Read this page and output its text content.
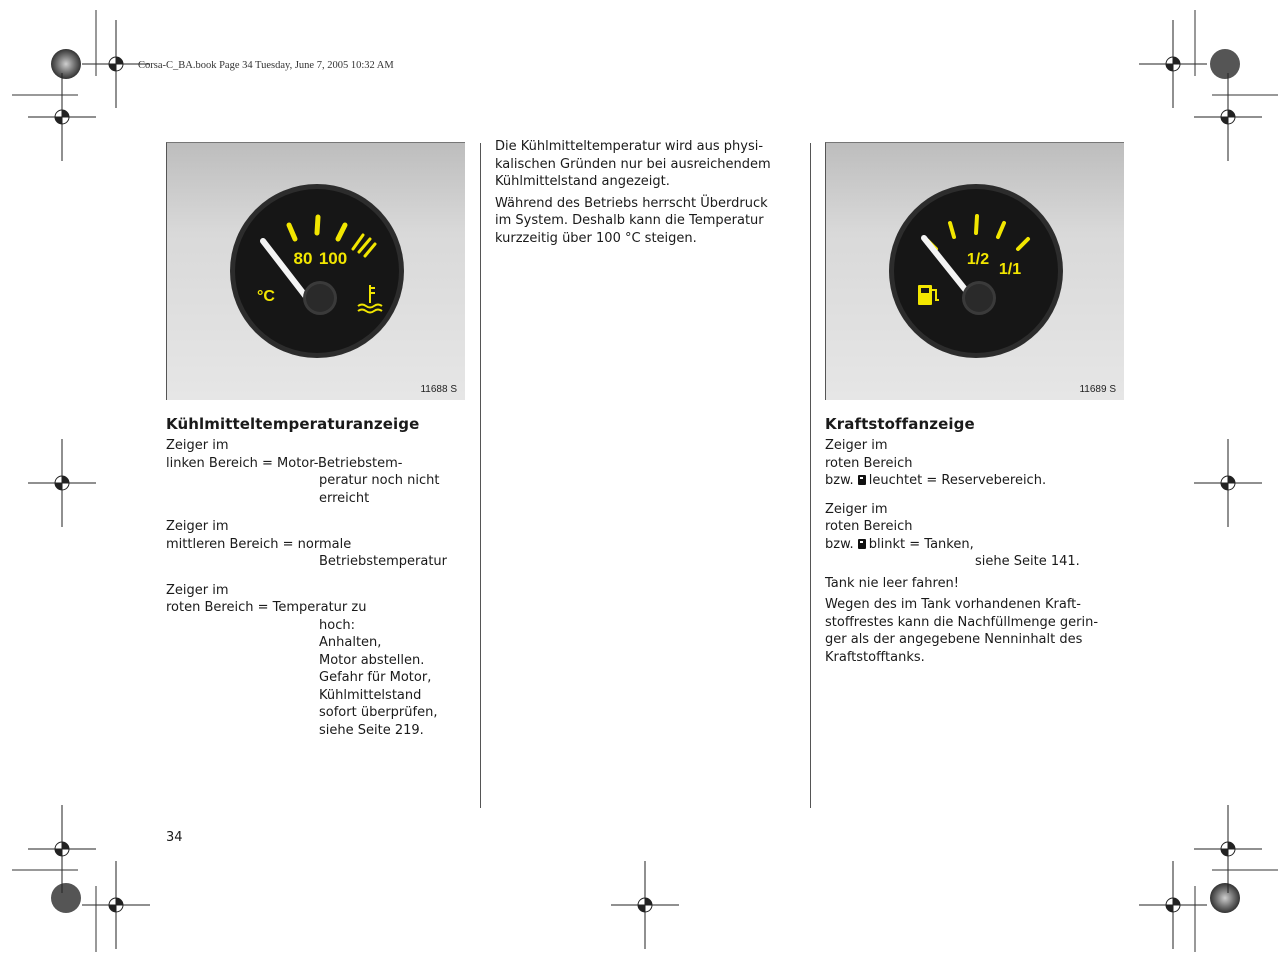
Corsa-C_BA.book Page 34 Tuesday, June 7, 2005 10:32 AM
80 100
°C
11688 S
1/2
1/1
11689 S
Kühlmitteltemperaturanzeige
Zeiger im
linken Bereich = Motor-Betriebstem-
peratur noch nicht
erreicht
Zeiger im
mittleren Bereich = normale
Betriebstemperatur
Zeiger im
roten Bereich = Temperatur zu
hoch:
Anhalten,
Motor abstellen.
Gefahr für Motor,
Kühlmittelstand
sofort überprüfen,
siehe Seite 219.
Die Kühlmitteltemperatur wird aus physi-
kalischen Gründen nur bei ausreichendem
Kühlmittelstand angezeigt.
Während des Betriebs herrscht Überdruck
im System. Deshalb kann die Temperatur
kurzzeitig über 100 °C steigen.
Kraftstoffanzeige
Zeiger im
roten Bereich
bzw. leuchtet = Reservebereich.
Zeiger im
roten Bereich
bzw. blinkt = Tanken,
siehe Seite 141.
Tank nie leer fahren!
Wegen des im Tank vorhandenen Kraft-
stoffrestes kann die Nachfüllmenge gerin-
ger als der angegebene Nenninhalt des
Kraftstofftanks.
34
